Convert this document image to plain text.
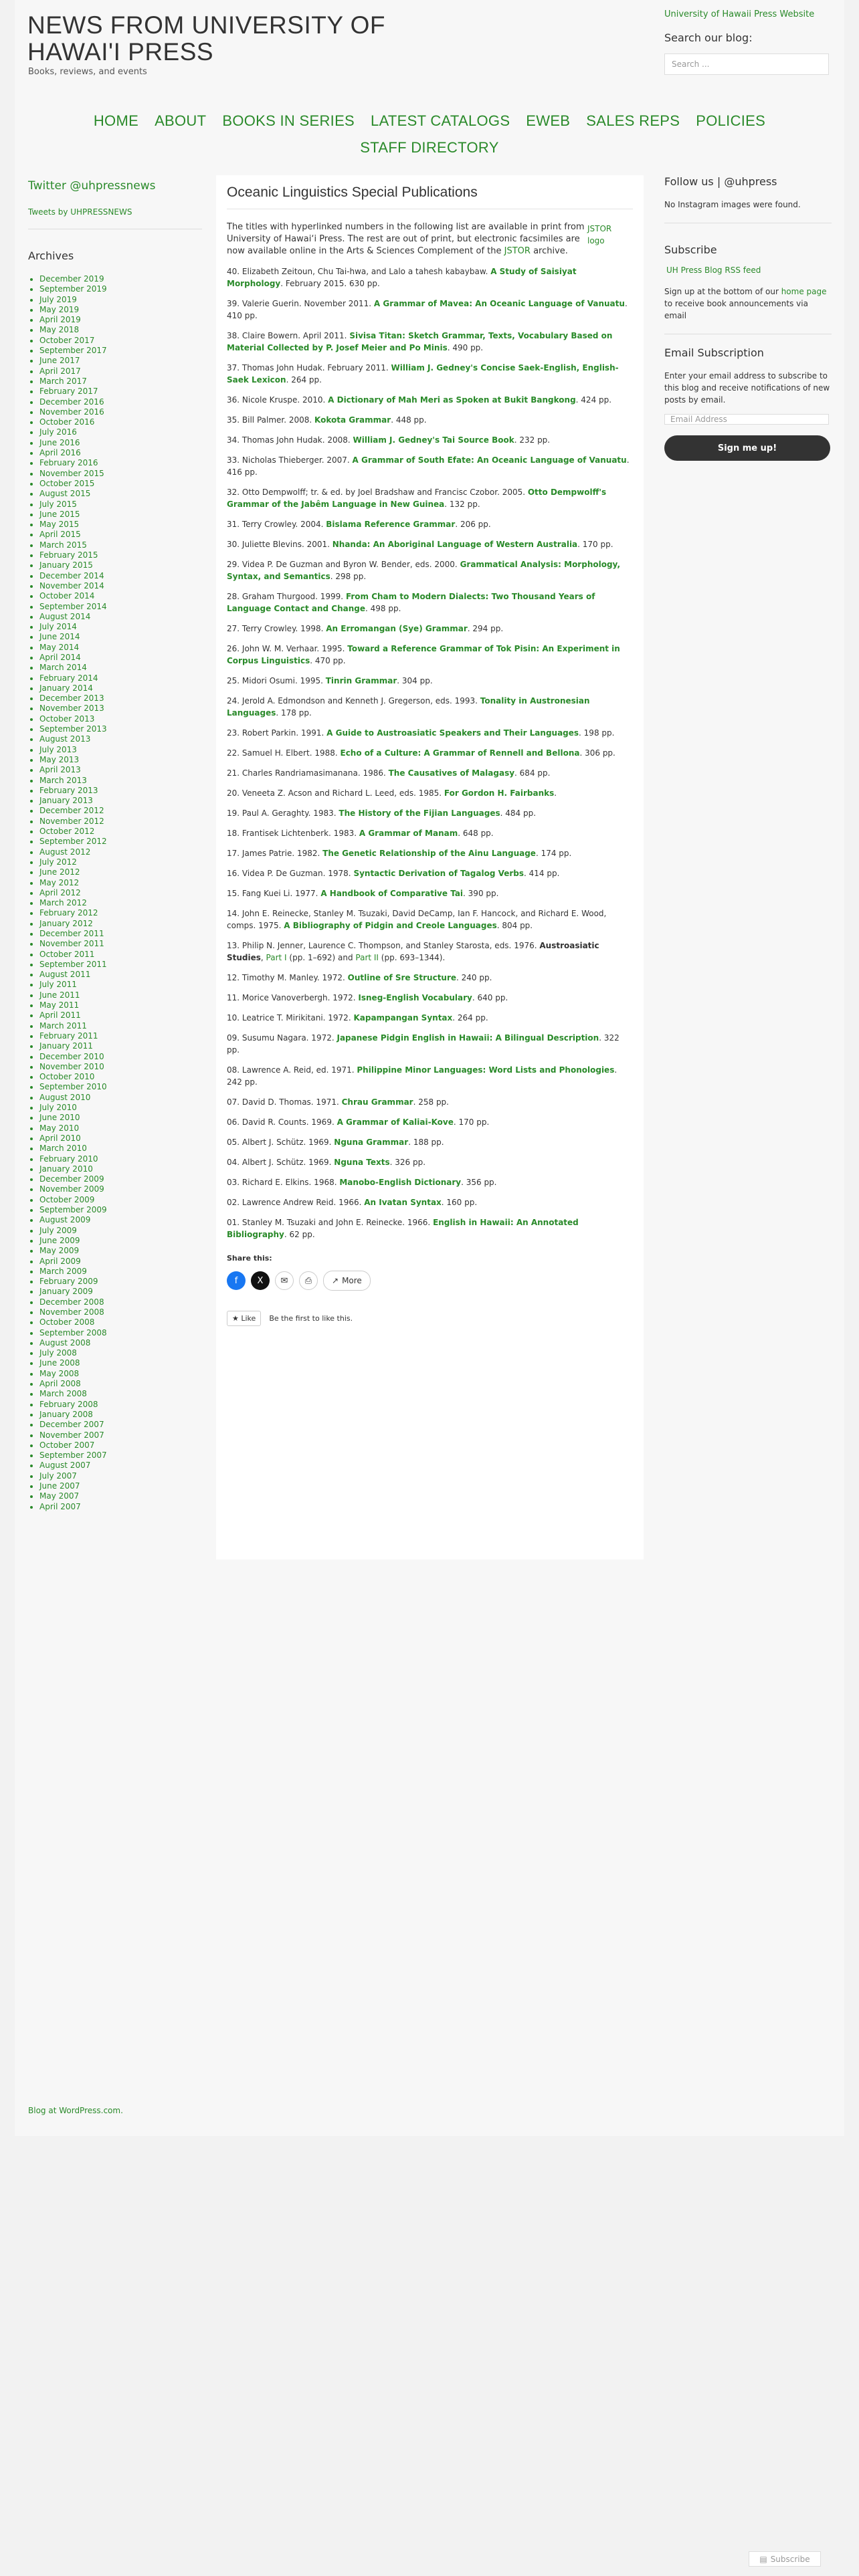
NEWS FROM UNIVERSITY OF HAWAI'I PRESS
Books, reviews, and events
University of Hawaii Press Website
Search our blog:
Search ...
HOME ABOUT BOOKS IN SERIES LATEST CATALOGS EWEB SALES REPS POLICIES
STAFF DIRECTORY
Twitter @uhpressnews
Tweets by UHPRESSNEWS
Archives
• December 2019
• September 2019
• July 2019
• May 2019
• April 2019
• May 2018
• October 2017
• September 2017
• June 2017
• April 2017
• March 2017
• February 2017
• December 2016
• November 2016
• October 2016
• July 2016
• June 2016
• April 2016
• February 2016
• November 2015
• October 2015
• August 2015
• July 2015
• June 2015
• May 2015
• April 2015
• March 2015
• February 2015
• January 2015
• December 2014
• November 2014
• October 2014
• September 2014
• August 2014
• July 2014
• June 2014
• May 2014
• April 2014
• March 2014
• February 2014
• January 2014
• December 2013
• November 2013
• October 2013
• September 2013
• August 2013
• July 2013
• May 2013
• April 2013
• March 2013
• February 2013
• January 2013
• December 2012
• November 2012
• October 2012
• September 2012
• August 2012
• July 2012
• June 2012
• May 2012
• April 2012
• March 2012
• February 2012
• January 2012
• December 2011
• November 2011
• October 2011
• September 2011
• August 2011
• July 2011
• June 2011
• May 2011
• April 2011
• March 2011
• February 2011
• January 2011
• December 2010
• November 2010
• October 2010
• September 2010
• August 2010
• July 2010
• June 2010
• May 2010
• April 2010
• March 2010
• February 2010
• January 2010
• December 2009
• November 2009
• October 2009
• September 2009
• August 2009
• July 2009
• June 2009
• May 2009
• April 2009
• March 2009
• February 2009
• January 2009
• December 2008
• November 2008
• October 2008
• September 2008
• August 2008
• July 2008
• June 2008
• May 2008
• April 2008
• March 2008
• February 2008
• January 2008
• December 2007
• November 2007
• October 2007
• September 2007
• August 2007
• July 2007
• June 2007
• May 2007
• April 2007
Oceanic Linguistics Special Publications
The titles with hyperlinked numbers in the following list are available in print from University of Hawai‘i Press. The rest are out of print, but electronic facsimiles are now available online in the Arts & Sciences Complement of the JSTOR archive.
JSTOR logo
40. Elizabeth Zeitoun, Chu Tai-hwa, and Lalo a tahesh kabaybaw. A Study of Saisiyat Morphology. February 2015. 630 pp.
39. Valerie Guerin. November 2011. A Grammar of Mavea: An Oceanic Language of Vanuatu. 410 pp.
38. Claire Bowern. April 2011. Sivisa Titan: Sketch Grammar, Texts, Vocabulary Based on Material Collected by P. Josef Meier and Po Minis. 490 pp.
37. Thomas John Hudak. February 2011. William J. Gedney's Concise Saek-English, English-Saek Lexicon. 264 pp.
36. Nicole Kruspe. 2010. A Dictionary of Mah Meri as Spoken at Bukit Bangkong. 424 pp.
35. Bill Palmer. 2008. Kokota Grammar. 448 pp.
34. Thomas John Hudak. 2008. William J. Gedney's Tai Source Book. 232 pp.
33. Nicholas Thieberger. 2007. A Grammar of South Efate: An Oceanic Language of Vanuatu. 416 pp.
32. Otto Dempwolff; tr. & ed. by Joel Bradshaw and Francisc Czobor. 2005. Otto Dempwolff's Grammar of the Jabêm Language in New Guinea. 132 pp.
31. Terry Crowley. 2004. Bislama Reference Grammar. 206 pp.
30. Juliette Blevins. 2001. Nhanda: An Aboriginal Language of Western Australia. 170 pp.
29. Videa P. De Guzman and Byron W. Bender, eds. 2000. Grammatical Analysis: Morphology, Syntax, and Semantics. 298 pp.
28. Graham Thurgood. 1999. From Cham to Modern Dialects: Two Thousand Years of Language Contact and Change. 498 pp.
27. Terry Crowley. 1998. An Erromangan (Sye) Grammar. 294 pp.
26. John W. M. Verhaar. 1995. Toward a Reference Grammar of Tok Pisin: An Experiment in Corpus Linguistics. 470 pp.
25. Midori Osumi. 1995. Tinrin Grammar. 304 pp.
24. Jerold A. Edmondson and Kenneth J. Gregerson, eds. 1993. Tonality in Austronesian Languages. 178 pp.
23. Robert Parkin. 1991. A Guide to Austroasiatic Speakers and Their Languages. 198 pp.
22. Samuel H. Elbert. 1988. Echo of a Culture: A Grammar of Rennell and Bellona. 306 pp.
21. Charles Randriamasimanana. 1986. The Causatives of Malagasy. 684 pp.
20. Veneeta Z. Acson and Richard L. Leed, eds. 1985. For Gordon H. Fairbanks.
19. Paul A. Geraghty. 1983. The History of the Fijian Languages. 484 pp.
18. Frantisek Lichtenberk. 1983. A Grammar of Manam. 648 pp.
17. James Patrie. 1982. The Genetic Relationship of the Ainu Language. 174 pp.
16. Videa P. De Guzman. 1978. Syntactic Derivation of Tagalog Verbs. 414 pp.
15. Fang Kuei Li. 1977. A Handbook of Comparative Tai. 390 pp.
14. John E. Reinecke, Stanley M. Tsuzaki, David DeCamp, Ian F. Hancock, and Richard E. Wood, comps. 1975. A Bibliography of Pidgin and Creole Languages. 804 pp.
13. Philip N. Jenner, Laurence C. Thompson, and Stanley Starosta, eds. 1976. Austroasiatic Studies, Part I (pp. 1–692) and Part II (pp. 693–1344).
12. Timothy M. Manley. 1972. Outline of Sre Structure. 240 pp.
11. Morice Vanoverbergh. 1972. Isneg-English Vocabulary. 640 pp.
10. Leatrice T. Mirikitani. 1972. Kapampangan Syntax. 264 pp.
09. Susumu Nagara. 1972. Japanese Pidgin English in Hawaii: A Bilingual Description. 322 pp.
08. Lawrence A. Reid, ed. 1971. Philippine Minor Languages: Word Lists and Phonologies. 242 pp.
07. David D. Thomas. 1971. Chrau Grammar. 258 pp.
06. David R. Counts. 1969. A Grammar of Kaliai-Kove. 170 pp.
05. Albert J. Schütz. 1969. Nguna Grammar. 188 pp.
04. Albert J. Schütz. 1969. Nguna Texts. 326 pp.
03. Richard E. Elkins. 1968. Manobo-English Dictionary. 356 pp.
02. Lawrence Andrew Reid. 1966. An Ivatan Syntax. 160 pp.
01. Stanley M. Tsuzaki and John E. Reinecke. 1966. English in Hawaii: An Annotated Bibliography. 62 pp.
Share this:
f X ✉ ⎙ ↗ More
★ Like	Be the first to like this.
Follow us | @uhpress
No Instagram images were found.
Subscribe
UH Press Blog RSS feed
Sign up at the bottom of our home page to receive book announcements via email
Email Subscription
Enter your email address to subscribe to this blog and receive notifications of new posts by email.
Email Address
Sign me up!
Blog at WordPress.com.
▤ Subscribe
